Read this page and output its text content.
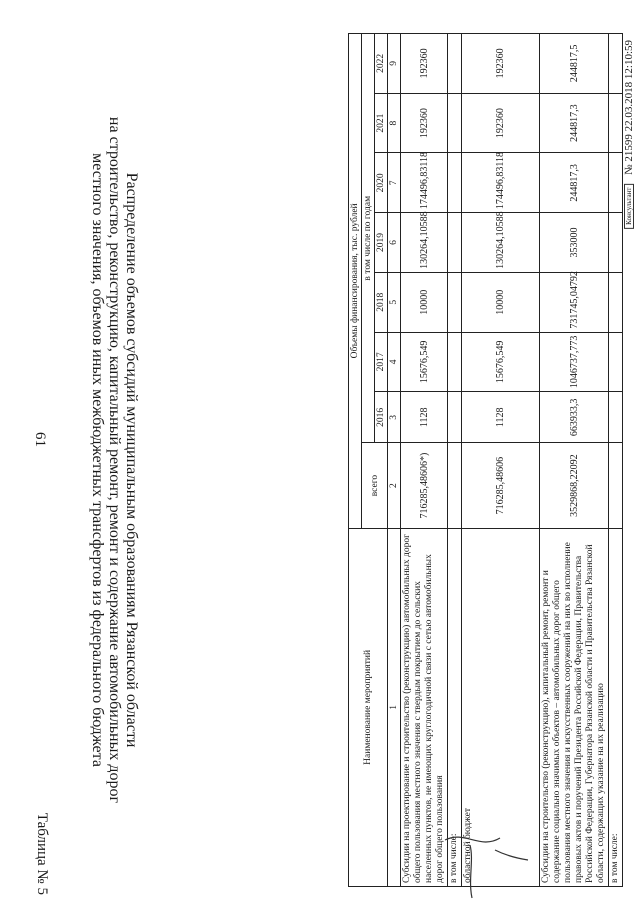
61
Таблица № 5
Распределение объемов субсидий муниципальным образованиям Рязанской области
на строительство, реконструкцию, капитальный ремонт, ремонт и содержание автомобильных дорог
местного значения, объемов иных межбюджетных трансфертов из федерального бюджета	Наименование мероприятий	Объемы финансирования, тыс. рублей							
	всего	в том числе по годам						
		2016	2017	2018	2019	2020	2021	2022
1	2	3	4	5	6	7	8	9
Субсидии на проектирование и строительство (реконструкцию) автомобильных дорог общего пользования местного значения с твердым покрытием до сельских населенных пунктов, не имеющих круглогодичной связи с сетью автомобильных дорог общего пользования	716285,48606*)	1128	15676,549	10000	130264,10588	174496,83118	192360	192360
в том числе:								
областной бюджет	716285,48606	1128	15676,549	10000	130264,10588	174496,83118	192360	192360
Субсидии на строительство (реконструкцию), капитальный ремонт, ремонт и содержание социально значимых объектов – автомобильных дорог общего пользования местного значения и искусственных сооружений на них во исполнение правовых актов и поручений Президента Российской Федерации, Правительства Российской Федерации, Губернатора Рязанской области и Правительства Рязанской области, содержащих указание на их реализацию	3529868,22092	663933,3	1046737,773	731745,04792	353000	244817,3	244817,3	244817,5
в том числе:								
Консультант № 21599 22.03.2018 12:10:59
